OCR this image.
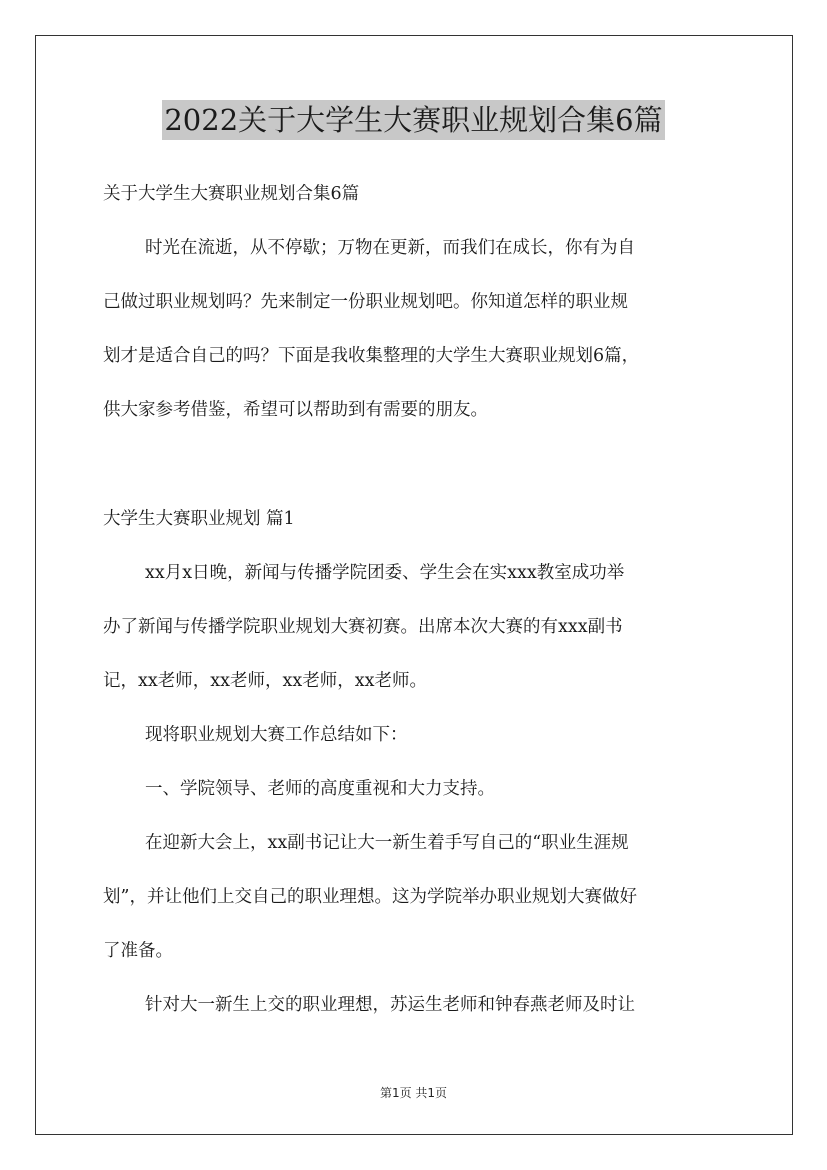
2022关于大学生大赛职业规划合集6篇
关于大学生大赛职业规划合集6篇
时光在流逝，从不停歇；万物在更新，而我们在成长，你有为自
己做过职业规划吗？先来制定一份职业规划吧。你知道怎样的职业规
划才是适合自己的吗？下面是我收集整理的大学生大赛职业规划6篇，
供大家参考借鉴，希望可以帮助到有需要的朋友。
大学生大赛职业规划 篇1
xx月x日晚，新闻与传播学院团委、学生会在实xxx教室成功举
办了新闻与传播学院职业规划大赛初赛。出席本次大赛的有xxx副书
记，xx老师，xx老师，xx老师，xx老师。
现将职业规划大赛工作总结如下：
一、学院领导、老师的高度重视和大力支持。
在迎新大会上，xx副书记让大一新生着手写自己的“职业生涯规
划”，并让他们上交自己的职业理想。这为学院举办职业规划大赛做好
了准备。
针对大一新生上交的职业理想，苏运生老师和钟春燕老师及时让
第1页 共1页
